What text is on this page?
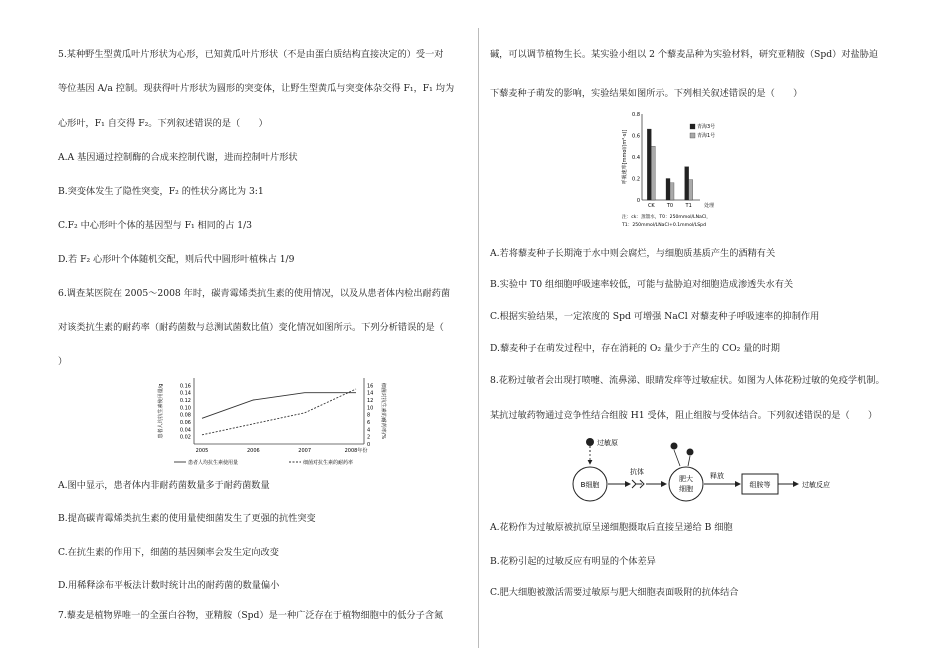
5.某种野生型黄瓜叶片形状为心形，已知黄瓜叶片形状（不是由蛋白质结构直接决定的）受一对
等位基因 A/a 控制。现获得叶片形状为圆形的突变体，让野生型黄瓜与突变体杂交得 F₁，F₁ 均为
心形叶，F₁ 自交得 F₂。下列叙述错误的是（　　）
A.A 基因通过控制酶的合成来控制代谢，进而控制叶片形状
B.突变体发生了隐性突变，F₂ 的性状分离比为 3:1
C.F₂ 中心形叶个体的基因型与 F₁ 相同的占 1/3
D.若 F₂ 心形叶个体随机交配，则后代中圆形叶植株占 1/9
6.调查某医院在 2005～2008 年时，碳青霉烯类抗生素的使用情况，以及从患者体内检出耐药菌
对该类抗生素的耐药率（耐药菌数与总测试菌数比值）变化情况如图所示。下列分析错误的是（
）
0.02
0.04
0.06
0.08
0.10
0.12
0.14
0.16
0
2
4
6
8
10
12
14
16
2005	2006	2007	2008年份
患者人均抗生素使用量/g	细菌对抗生素的耐药率/%
患者人均抗生素使用量	细菌对抗生素的耐药率
A.图中显示，患者体内非耐药菌数量多于耐药菌数量
B.提高碳青霉烯类抗生素的使用量使细菌发生了更强的抗性突变
C.在抗生素的作用下，细菌的基因频率会发生定向改变
D.用稀释涂布平板法计数时统计出的耐药菌的数量偏小
7.藜麦是植物界唯一的全蛋白谷物，亚精胺（Spd）是一种广泛存在于植物细胞中的低分子含氮
碱，可以调节植物生长。某实验小组以 2 个藜麦品种为实验材料，研究亚精胺（Spd）对盐胁迫
下藜麦种子萌发的影响，实验结果如图所示。下列相关叙述错误的是（　　）
0
0.2
0.4
0.6
0.8
呼吸速率[mmol/(m²·s)]
CK T0 T1 处理
青海3号
青海1号
注：ck：蒸馏水，T0：250mmol/LNaCl，
T1：250mmol/LNaCl+0.1mmol/LSpd
A.若将藜麦种子长期淹于水中则会腐烂，与细胞质基质产生的酒精有关
B.实验中 T0 组细胞呼吸速率较低，可能与盐胁迫对细胞造成渗透失水有关
C.根据实验结果，一定浓度的 Spd 可增强 NaCl 对藜麦种子呼吸速率的抑制作用
D.藜麦种子在萌发过程中，存在消耗的 O₂ 量少于产生的 CO₂ 量的时期
8.花粉过敏者会出现打喷嚏、流鼻涕、眼睛发痒等过敏症状。如图为人体花粉过敏的免疫学机制。
某抗过敏药物通过竞争性结合组胺 H1 受体，阻止组胺与受体结合。下列叙述错误的是（　　）
过敏原
B细胞
抗体
肥大
细胞
释放
组胺等	过敏反应
A.花粉作为过敏原被抗原呈递细胞摄取后直接呈递给 B 细胞
B.花粉引起的过敏反应有明显的个体差异
C.肥大细胞被激活需要过敏原与肥大细胞表面吸附的抗体结合
